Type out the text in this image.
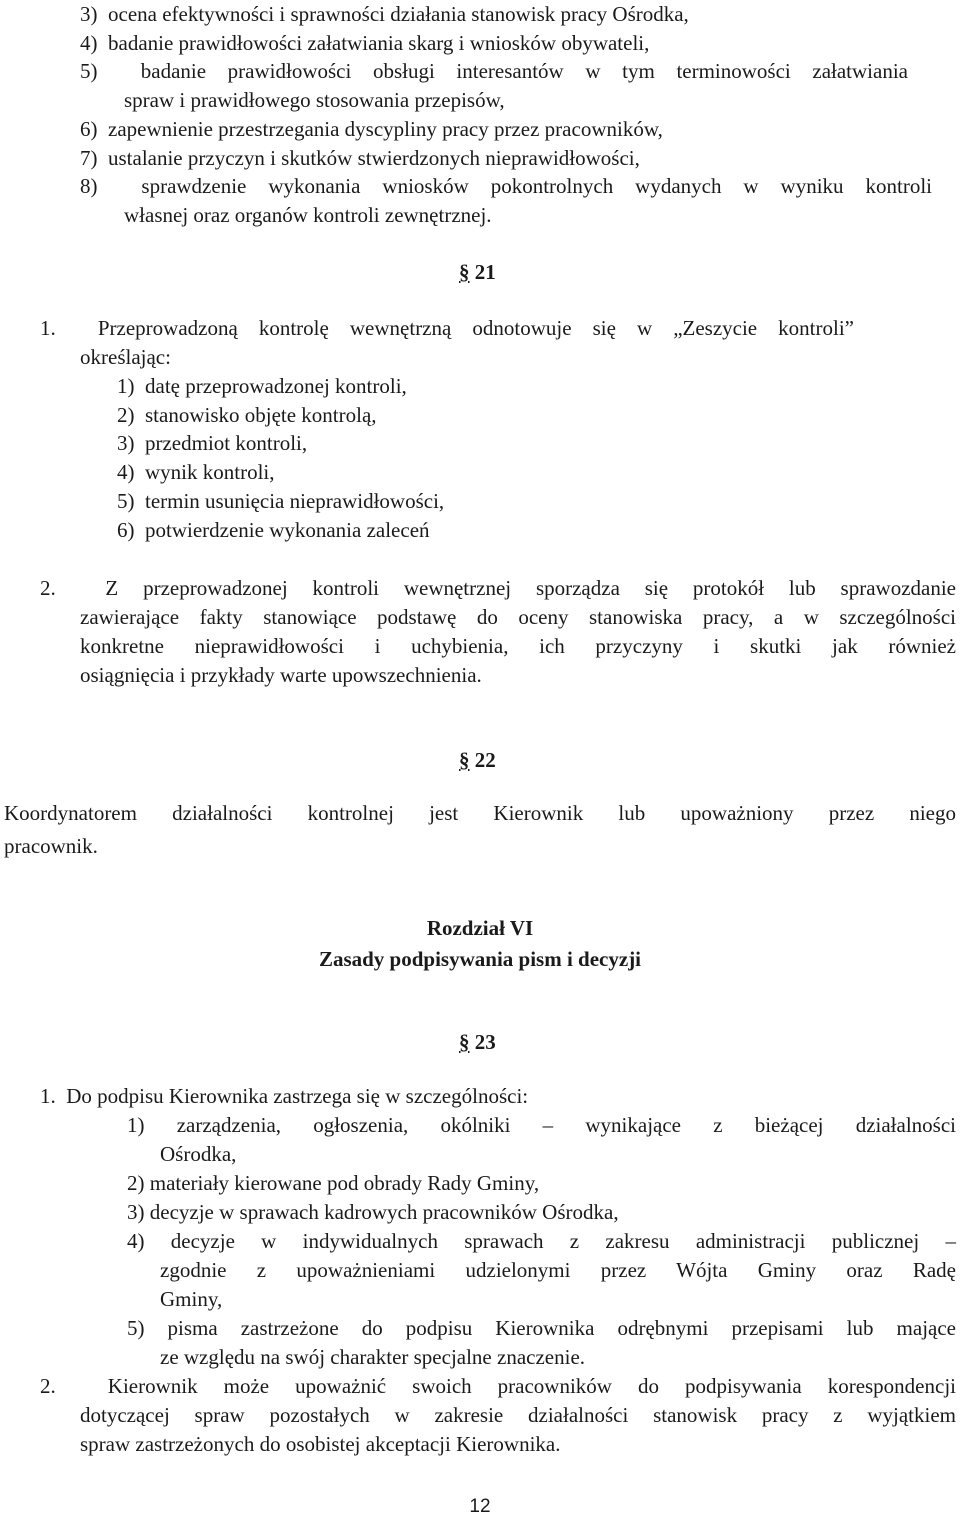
3)  ocena efektywności i sprawności działania stanowisk pracy Ośrodka,
4)  badanie prawidłowości załatwiania skarg i wniosków obywateli,
5)  badanie prawidłowości obsługi interesantów w tym terminowości załatwiania
spraw i prawidłowego stosowania przepisów,
6)  zapewnienie przestrzegania dyscypliny pracy przez pracowników,
7)  ustalanie przyczyn i skutków stwierdzonych nieprawidłowości,
8)  sprawdzenie wykonania wniosków pokontrolnych wydanych w wyniku kontroli
własnej oraz organów kontroli zewnętrznej.
§ 21
1.  Przeprowadzoną kontrolę wewnętrzną odnotowuje się w „Zeszycie kontroli”
określając:
1)  datę przeprowadzonej kontroli,
2)  stanowisko objęte kontrolą,
3)  przedmiot kontroli,
4)  wynik kontroli,
5)  termin usunięcia nieprawidłowości,
6)  potwierdzenie wykonania zaleceń
2.  Z przeprowadzonej kontroli wewnętrznej sporządza się protokół lub sprawozdanie
zawierające fakty stanowiące podstawę do oceny stanowiska pracy, a w szczególności
konkretne nieprawidłowości i uchybienia, ich przyczyny i skutki jak również
osiągnięcia i przykłady warte upowszechnienia.
§ 22
Koordynatorem działalności kontrolnej jest Kierownik lub upoważniony przez niego
pracownik.
Rozdział VI
Zasady podpisywania pism i decyzji
§ 23
1.  Do podpisu Kierownika zastrzega się w szczególności:
1) zarządzenia, ogłoszenia, okólniki – wynikające z bieżącej działalności
Ośrodka,
2) materiały kierowane pod obrady Rady Gminy,
3) decyzje w sprawach kadrowych pracowników Ośrodka,
4) decyzje w indywidualnych sprawach z zakresu administracji publicznej –
zgodnie z upoważnieniami udzielonymi przez Wójta Gminy oraz Radę
Gminy,
5) pisma zastrzeżone do podpisu Kierownika odrębnymi przepisami lub mające
ze względu na swój charakter specjalne znaczenie.
2.  Kierownik może upoważnić swoich pracowników do podpisywania korespondencji
dotyczącej spraw pozostałych w zakresie działalności stanowisk pracy z wyjątkiem
spraw zastrzeżonych do osobistej akceptacji Kierownika.
12
